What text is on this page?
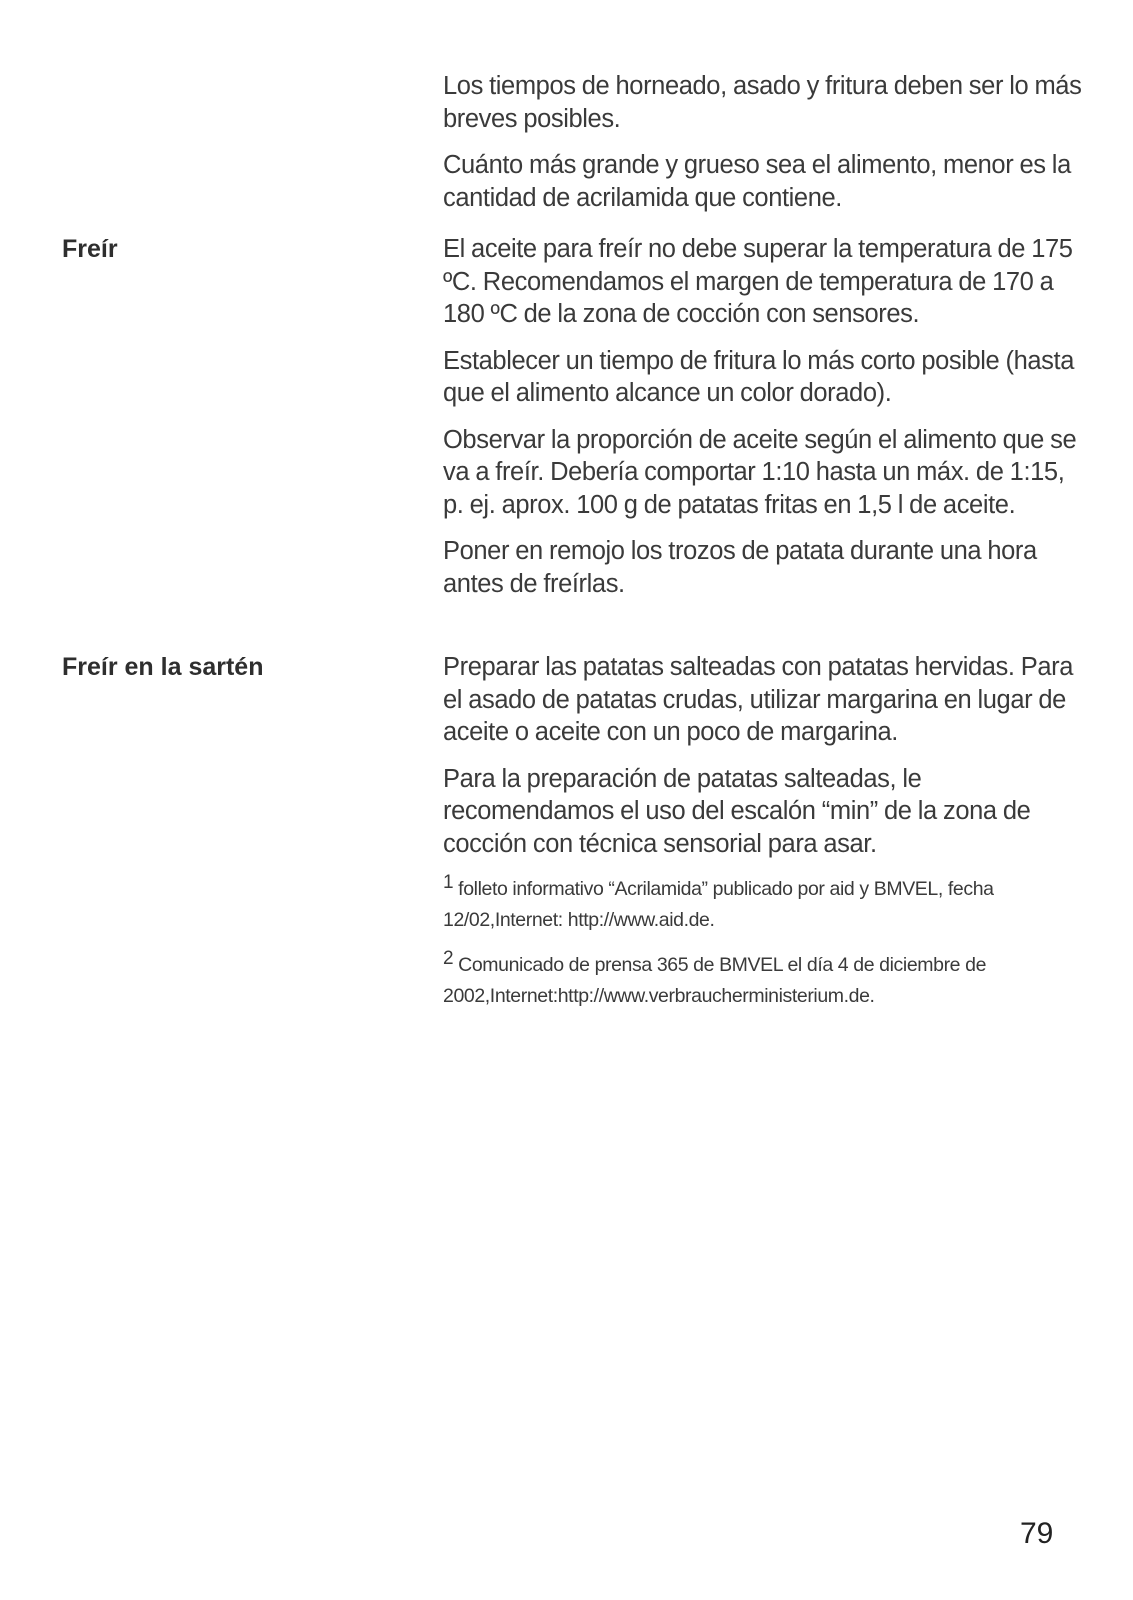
Los tiempos de horneado, asado y fritura deben ser lo más breves posibles.

Cuánto más grande y grueso sea el alimento, menor es la cantidad de acrilamida que contiene.

Freír	El aceite para freír no debe superar la temperatura de 175 ºC. Recomendamos el margen de temperatura de 170 a 180 ºC de la zona de cocción con sensores.

Establecer un tiempo de fritura lo más corto posible (hasta que el alimento alcance un color dorado).

Observar la proporción de aceite según el alimento que se va a freír. Debería comportar 1:10 hasta un máx. de 1:15, p. ej. aprox. 100 g de patatas fritas en 1,5 l de aceite.

Poner en remojo los trozos de patata durante una hora antes de freírlas.

Freír en la sartén	Preparar las patatas salteadas con patatas hervidas. Para el asado de patatas crudas, utilizar margarina en lugar de aceite o aceite con un poco de margarina.

Para la preparación de patatas salteadas, le recomendamos el uso del escalón “min” de la zona de cocción con técnica sensorial para asar.

$^1$ folleto informativo “Acrilamida” publicado por aid y BMVEL, fecha 12/02,Internet: http://www.aid.de.

$^2$ Comunicado de prensa 365 de BMVEL el día 4 de diciembre de 2002,Internet:http://www.verbraucherministerium.de.

79
